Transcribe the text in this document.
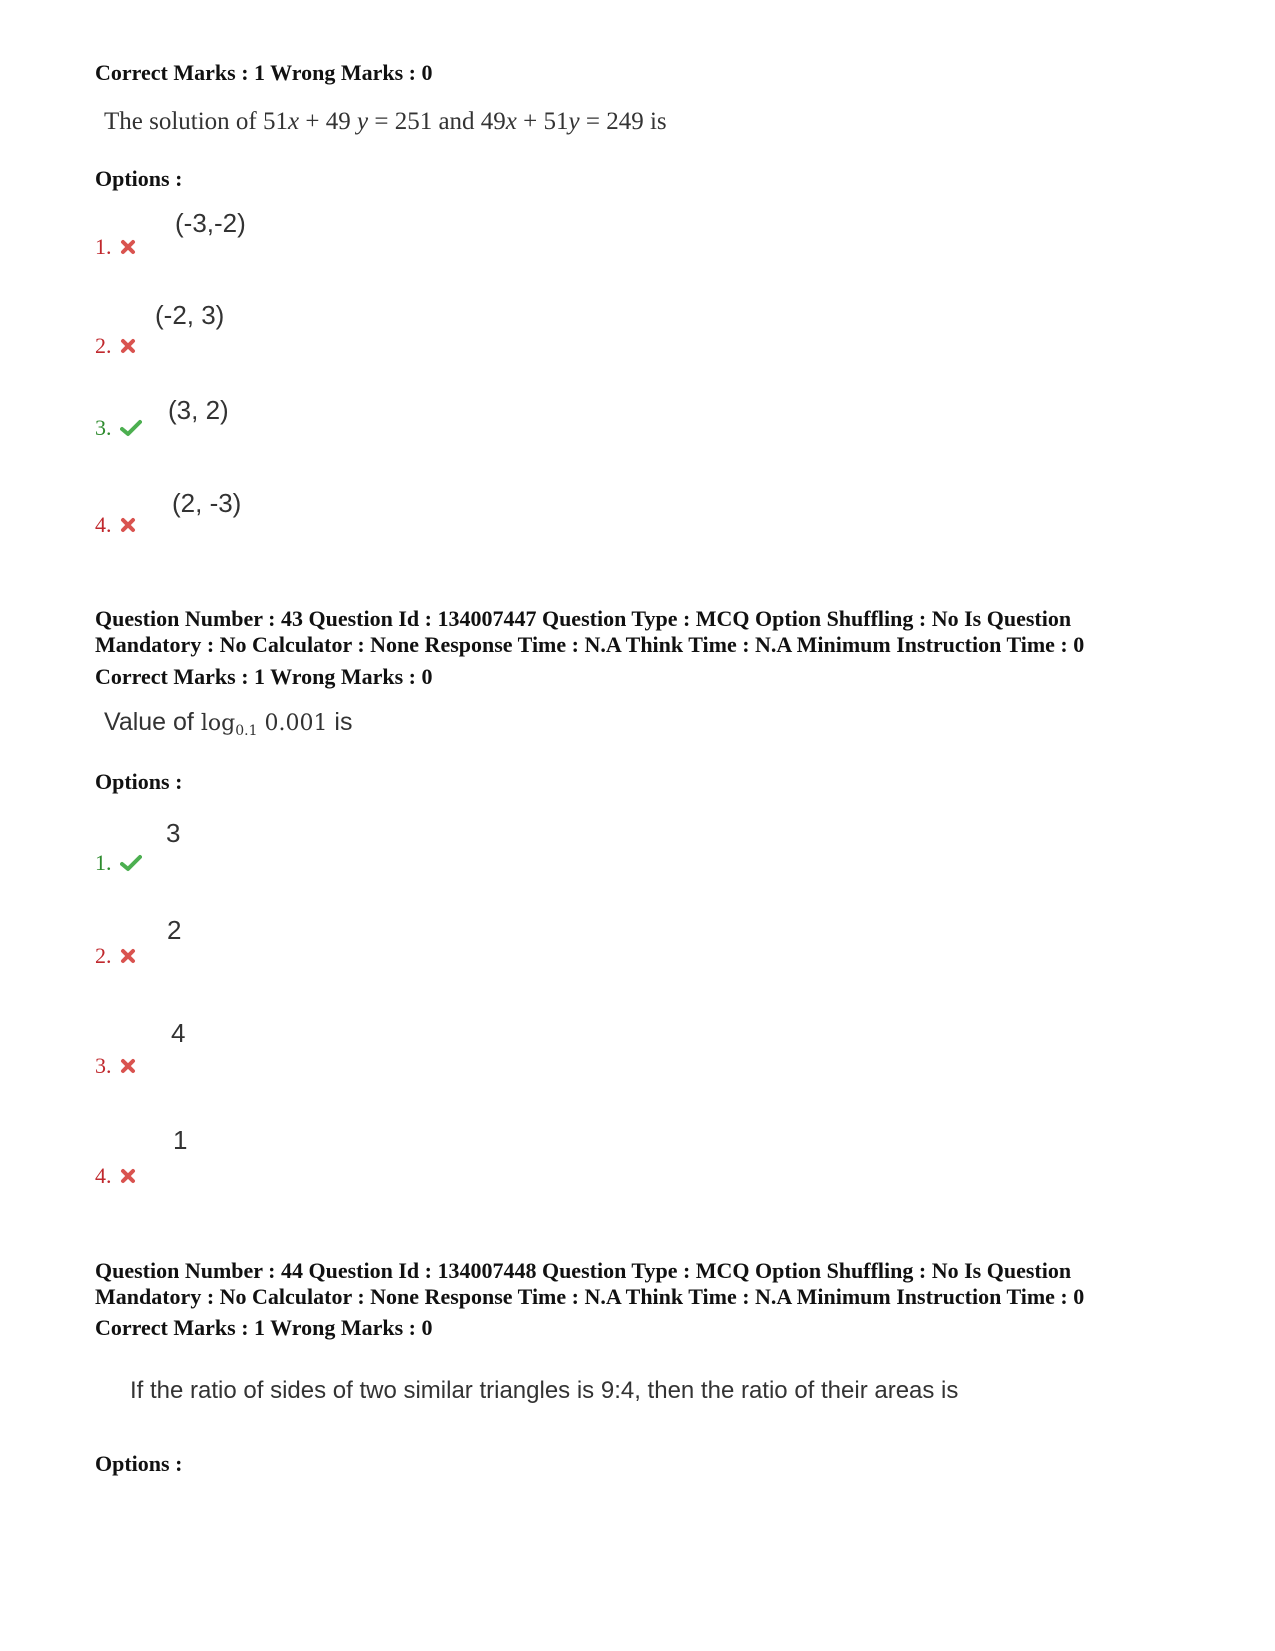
Correct Marks : 1 Wrong Marks : 0
The solution of 51x + 49 y = 251 and 49x + 51y = 249 is
Options :
(-3,-2)
1.
(-2, 3)
2.
(3, 2)
3.
(2, -3)
4.
Question Number : 43 Question Id : 134007447 Question Type : MCQ Option Shuffling : No Is Question
Mandatory : No Calculator : None Response Time : N.A Think Time : N.A Minimum Instruction Time : 0
Correct Marks : 1 Wrong Marks : 0
Value of $\log_{0.1} 0.001$ is
Options :
3
1.
2
2.
4
3.
1
4.
Question Number : 44 Question Id : 134007448 Question Type : MCQ Option Shuffling : No Is Question
Mandatory : No Calculator : None Response Time : N.A Think Time : N.A Minimum Instruction Time : 0
Correct Marks : 1 Wrong Marks : 0
If the ratio of sides of two similar triangles is 9:4, then the ratio of their areas is
Options :
